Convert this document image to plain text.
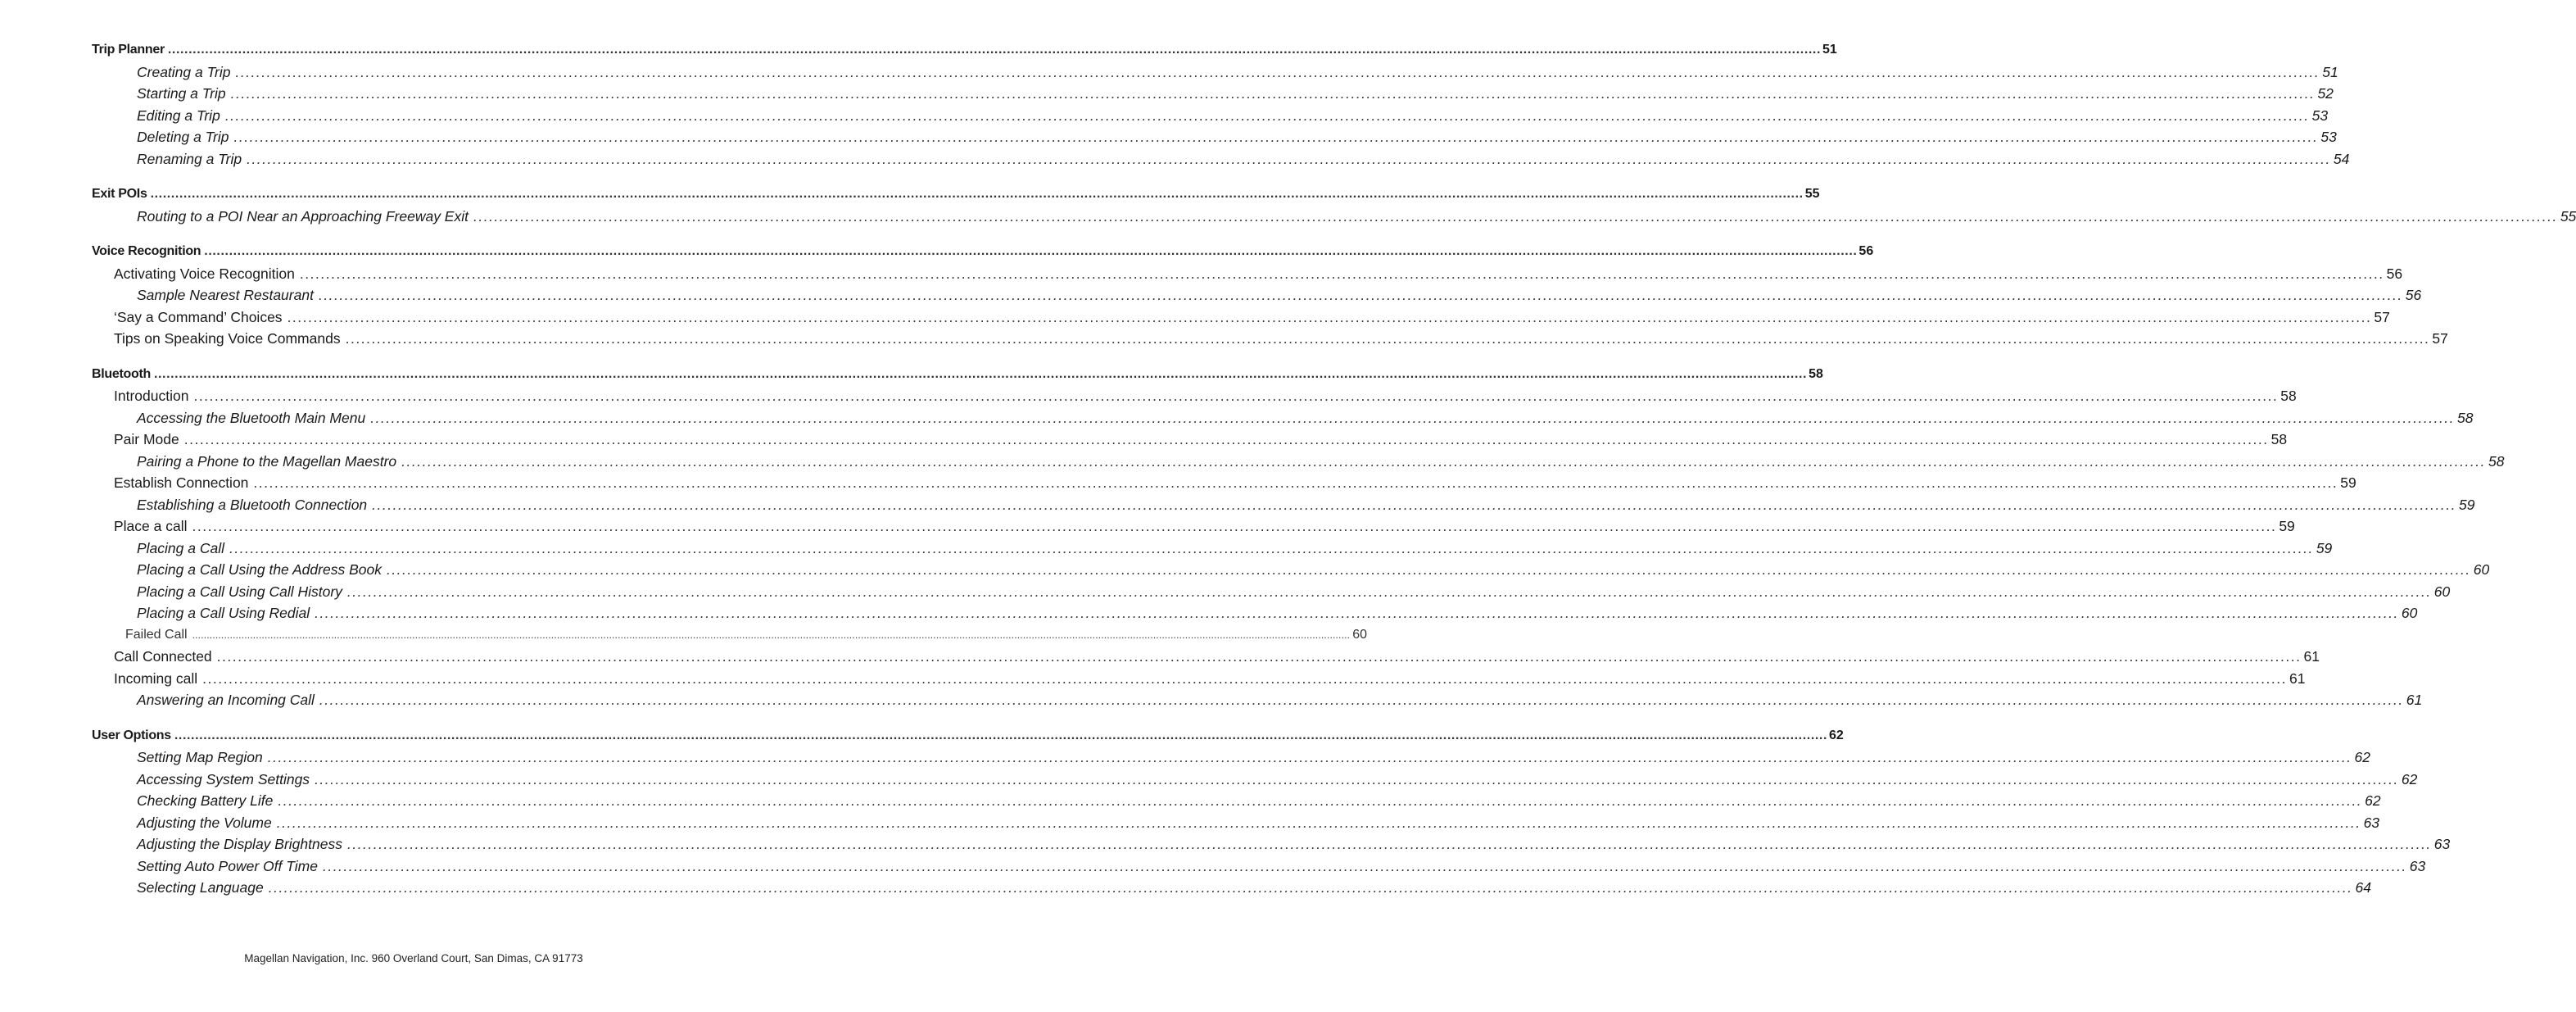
Trip Planner ................................................................................................................................................................................................................................................................................................................................................................................................................ 51
Creating a Trip ................................................................................................................................................................................................................................................................................................................................................................................................................ 51
Starting a Trip ................................................................................................................................................................................................................................................................................................................................................................................................................ 52
Editing a Trip ................................................................................................................................................................................................................................................................................................................................................................................................................ 53
Deleting a Trip ................................................................................................................................................................................................................................................................................................................................................................................................................ 53
Renaming a Trip ................................................................................................................................................................................................................................................................................................................................................................................................................ 54
Exit POIs ................................................................................................................................................................................................................................................................................................................................................................................................................ 55
Routing to a POI Near an Approaching Freeway Exit ................................................................................................................................................................................................................................................................................................................................................................................................................ 55
Voice Recognition ................................................................................................................................................................................................................................................................................................................................................................................................................ 56
Activating Voice Recognition ................................................................................................................................................................................................................................................................................................................................................................................................................ 56
Sample Nearest Restaurant ................................................................................................................................................................................................................................................................................................................................................................................................................ 56
‘Say a Command’ Choices ................................................................................................................................................................................................................................................................................................................................................................................................................ 57
Tips on Speaking Voice Commands ................................................................................................................................................................................................................................................................................................................................................................................................................ 57
Bluetooth ................................................................................................................................................................................................................................................................................................................................................................................................................ 58
Introduction ................................................................................................................................................................................................................................................................................................................................................................................................................ 58
Accessing the Bluetooth Main Menu ................................................................................................................................................................................................................................................................................................................................................................................................................ 58
Pair Mode ................................................................................................................................................................................................................................................................................................................................................................................................................ 58
Pairing a Phone to the Magellan Maestro ................................................................................................................................................................................................................................................................................................................................................................................................................ 58
Establish Connection ................................................................................................................................................................................................................................................................................................................................................................................................................ 59
Establishing a Bluetooth Connection ................................................................................................................................................................................................................................................................................................................................................................................................................ 59
Place a call ................................................................................................................................................................................................................................................................................................................................................................................................................ 59
Placing a Call ................................................................................................................................................................................................................................................................................................................................................................................................................ 59
Placing a Call Using the Address Book ................................................................................................................................................................................................................................................................................................................................................................................................................ 60
Placing a Call Using Call History ................................................................................................................................................................................................................................................................................................................................................................................................................ 60
Placing a Call Using Redial ................................................................................................................................................................................................................................................................................................................................................................................................................ 60
Failed Call ................................................................................................................................................................................................................................................................................................................................................................................................................ 60
Call Connected ................................................................................................................................................................................................................................................................................................................................................................................................................ 61
Incoming call ................................................................................................................................................................................................................................................................................................................................................................................................................ 61
Answering an Incoming Call ................................................................................................................................................................................................................................................................................................................................................................................................................ 61
User Options ................................................................................................................................................................................................................................................................................................................................................................................................................ 62
Setting Map Region ................................................................................................................................................................................................................................................................................................................................................................................................................ 62
Accessing System Settings ................................................................................................................................................................................................................................................................................................................................................................................................................ 62
Checking Battery Life ................................................................................................................................................................................................................................................................................................................................................................................................................ 62
Adjusting the Volume ................................................................................................................................................................................................................................................................................................................................................................................................................ 63
Adjusting the Display Brightness ................................................................................................................................................................................................................................................................................................................................................................................................................ 63
Setting Auto Power Off Time ................................................................................................................................................................................................................................................................................................................................................................................................................ 63
Selecting Language ................................................................................................................................................................................................................................................................................................................................................................................................................ 64
Magellan Navigation, Inc. 960 Overland Court, San Dimas, CA 91773
